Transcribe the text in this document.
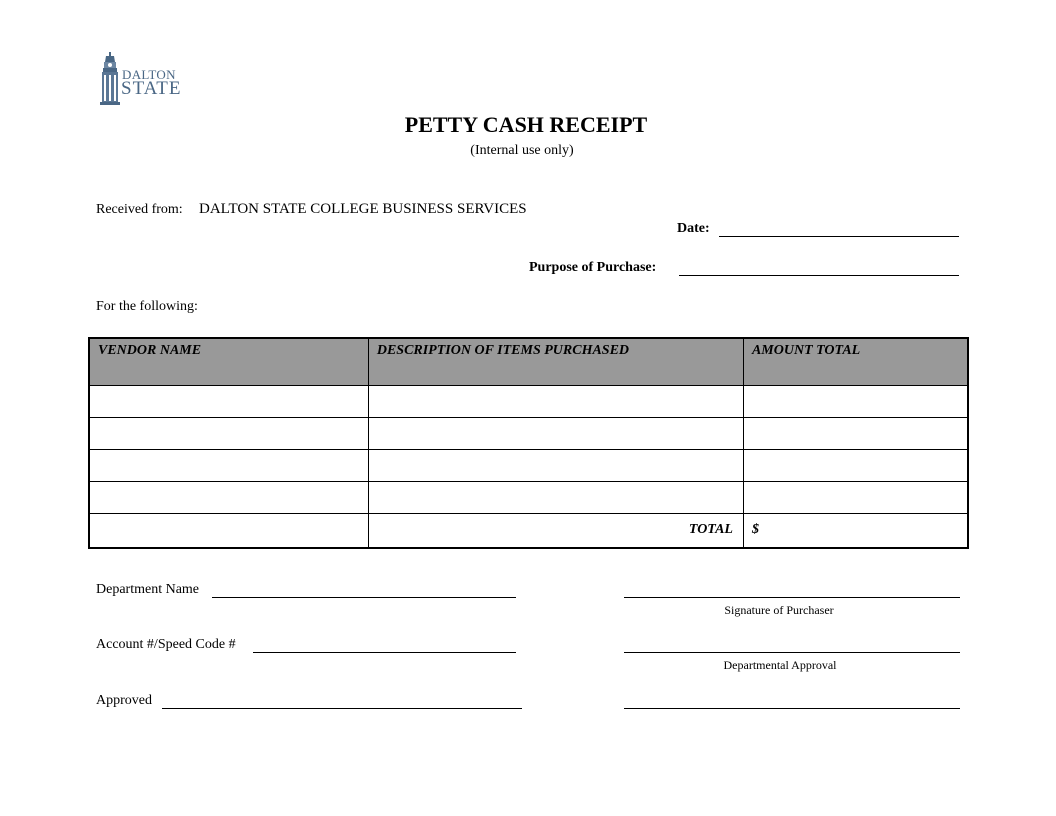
DALTON
STATE
PETTY CASH RECEIPT
(Internal use only)
Received from: DALTON STATE COLLEGE BUSINESS SERVICES
Date:
Purpose of Purchase:
For the following:
VENDOR NAME	DESCRIPTION OF ITEMS PURCHASED	AMOUNT TOTAL

	TOTAL	$
Department Name
Account #/Speed Code #
Approved
Signature of Purchaser
Departmental Approval
